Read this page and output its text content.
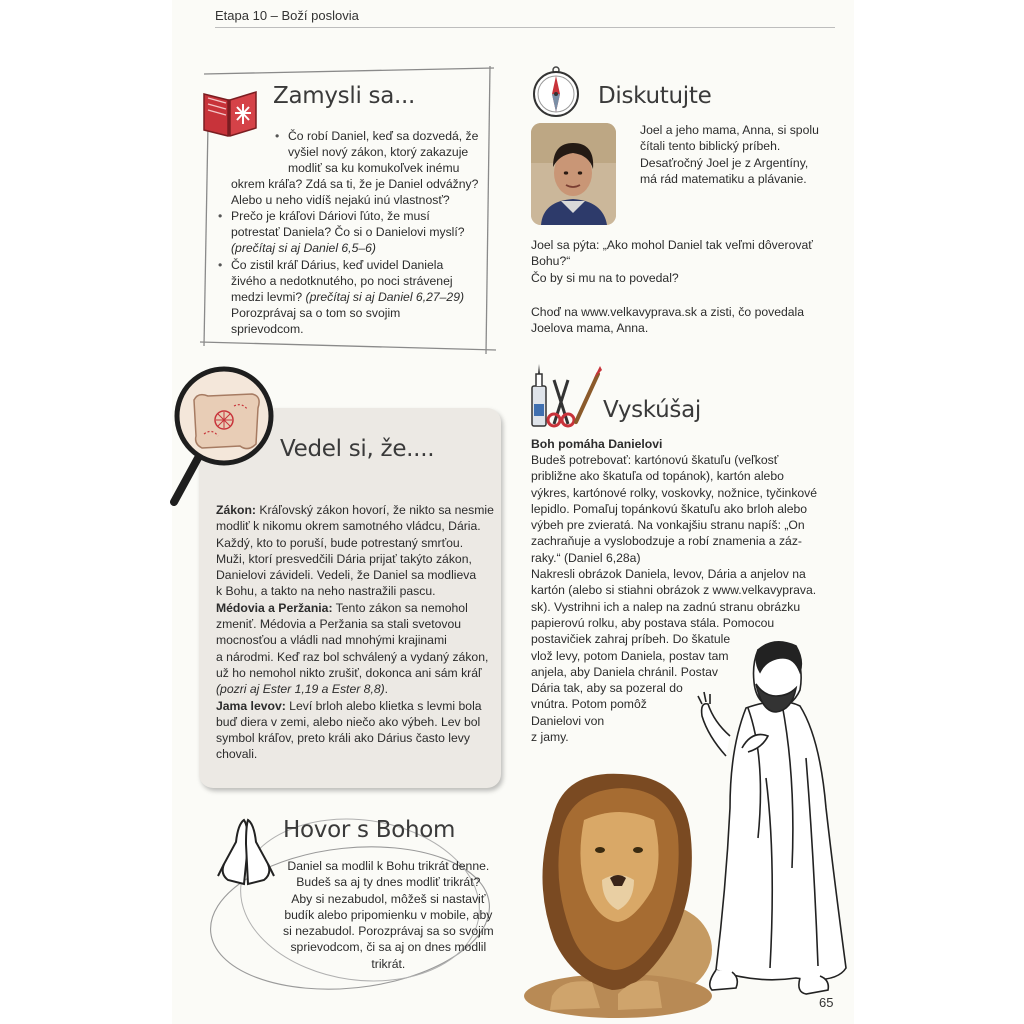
Etapa 10 – Boží poslovia
Zamysli sa...
• Čo robí Daniel, keď sa dozvedá, že
vyšiel nový zákon, ktorý zakazuje
modliť sa ku komukoľvek inému
okrem kráľa? Zdá sa ti, že je Daniel odvážny?
Alebo u neho vidíš nejakú inú vlastnosť?
• Prečo je kráľovi Dáriovi ľúto, že musí
potrestať Daniela? Čo si o Danielovi myslí?
(prečítaj si aj Daniel 6,5–6)
• Čo zistil kráľ Dárius, keď uvidel Daniela
živého a nedotknutého, po noci strávenej
medzi levmi? (prečítaj si aj Daniel 6,27–29)
Porozprávaj sa o tom so svojim
sprievodcom.
Diskutujte
Joel a jeho mama, Anna, si spolu
čítali tento biblický príbeh.
Desaťročný Joel je z Argentíny,
má rád matematiku a plávanie.
Joel sa pýta: „Ako mohol Daniel tak veľmi dôverovať
Bohu?“
Čo by si mu na to povedal?
Choď na www.velkavyprava.sk a zisti, čo povedala
Joelova mama, Anna.
Vedel si, že....
Zákon: Kráľovský zákon hovorí, že nikto sa nesmie
modliť k nikomu okrem samotného vládcu, Dária.
Každý, kto to poruší, bude potrestaný smrťou.
Muži, ktorí presvedčili Dária prijať takýto zákon,
Danielovi závideli. Vedeli, že Daniel sa modlieva
k Bohu, a takto na neho nastražili pascu.
Médovia a Peržania: Tento zákon sa nemohol
zmeniť. Médovia a Peržania sa stali svetovou
mocnosťou a vládli nad mnohými krajinami
a národmi. Keď raz bol schválený a vydaný zákon,
už ho nemohol nikto zrušiť, dokonca ani sám kráľ
(pozri aj Ester 1,19 a Ester 8,8).
Jama levov: Leví brloh alebo klietka s levmi bola
buď diera v zemi, alebo niečo ako výbeh. Lev bol
symbol kráľov, preto králi ako Dárius často levy
chovali.
Vyskúšaj
Boh pomáha Danielovi
Budeš potrebovať: kartónovú škatuľu (veľkosť
približne ako škatuľa od topánok), kartón alebo
výkres, kartónové rolky, voskovky, nožnice, tyčinkové
lepidlo. Pomaľuj topánkovú škatuľu ako brloh alebo
výbeh pre zvieratá. Na vonkajšiu stranu napíš: „On
zachraňuje a vyslobodzuje a robí znamenia a záz-
raky.“ (Daniel 6,28a)
Nakresli obrázok Daniela, levov, Dária a anjelov na
kartón (alebo si stiahni obrázok z www.velkavyprava.
sk). Vystrihni ich a nalep na zadnú stranu obrázku
papierovú rolku, aby postava stála. Pomocou
postavičiek zahraj príbeh. Do škatule
vlož levy, potom Daniela, postav tam
anjela, aby Daniela chránil. Postav
Dária tak, aby sa pozeral do
vnútra. Potom pomôž
Danielovi von
z jamy.
Hovor s Bohom
Daniel sa modlil k Bohu trikrát denne.
Budeš sa aj ty dnes modliť trikrát?
Aby si nezabudol, môžeš si nastaviť
budík alebo pripomienku v mobile, aby
si nezabudol. Porozprávaj sa so svojim
sprievodcom, či sa aj on dnes modlil
trikrát.
65
